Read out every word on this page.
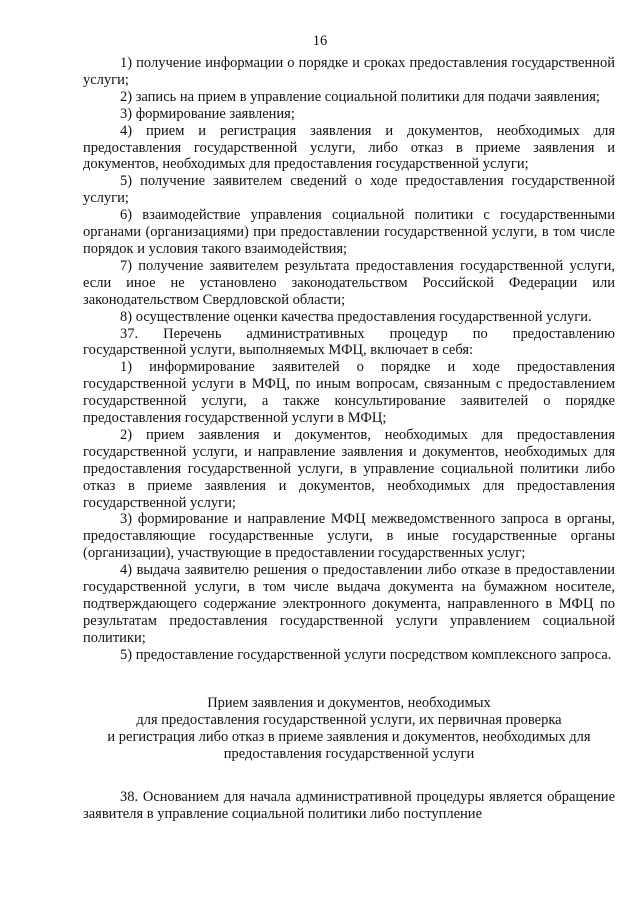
16

1) получение информации о порядке и сроках предоставления государственной услуги;

2) запись на прием в управление социальной политики для подачи заявления;

3) формирование заявления;

4) прием и регистрация заявления и документов, необходимых для предоставления государственной услуги, либо отказ в приеме заявления и документов, необходимых для предоставления государственной услуги;

5) получение заявителем сведений о ходе предоставления государственной услуги;

6) взаимодействие управления социальной политики с государственными органами (организациями) при предоставлении государственной услуги, в том числе порядок и условия такого взаимодействия;

7) получение заявителем результата предоставления государственной услуги, если иное не установлено законодательством Российской Федерации или законодательством Свердловской области;

8) осуществление оценки качества предоставления государственной услуги.

37. Перечень административных процедур по предоставлению государственной услуги, выполняемых МФЦ, включает в себя:

1) информирование заявителей о порядке и ходе предоставления государственной услуги в МФЦ, по иным вопросам, связанным с предоставлением государственной услуги, а также консультирование заявителей о порядке предоставления государственной услуги в МФЦ;

2) прием заявления и документов, необходимых для предоставления государственной услуги, и направление заявления и документов, необходимых для предоставления государственной услуги, в управление социальной политики либо отказ в приеме заявления и документов, необходимых для предоставления государственной услуги;

3) формирование и направление МФЦ межведомственного запроса в органы, предоставляющие государственные услуги, в иные государственные органы (организации), участвующие в предоставлении государственных услуг;

4) выдача заявителю решения о предоставлении либо отказе в предоставлении государственной услуги, в том числе выдача документа на бумажном носителе, подтверждающего содержание электронного документа, направленного в МФЦ по результатам предоставления государственной услуги управлением социальной политики;

5) предоставление государственной услуги посредством комплексного запроса.

Прием заявления и документов, необходимых
для предоставления государственной услуги, их первичная проверка
и регистрация либо отказ в приеме заявления и документов, необходимых для
предоставления государственной услуги

38. Основанием для начала административной процедуры является обращение заявителя в управление социальной политики либо поступление
